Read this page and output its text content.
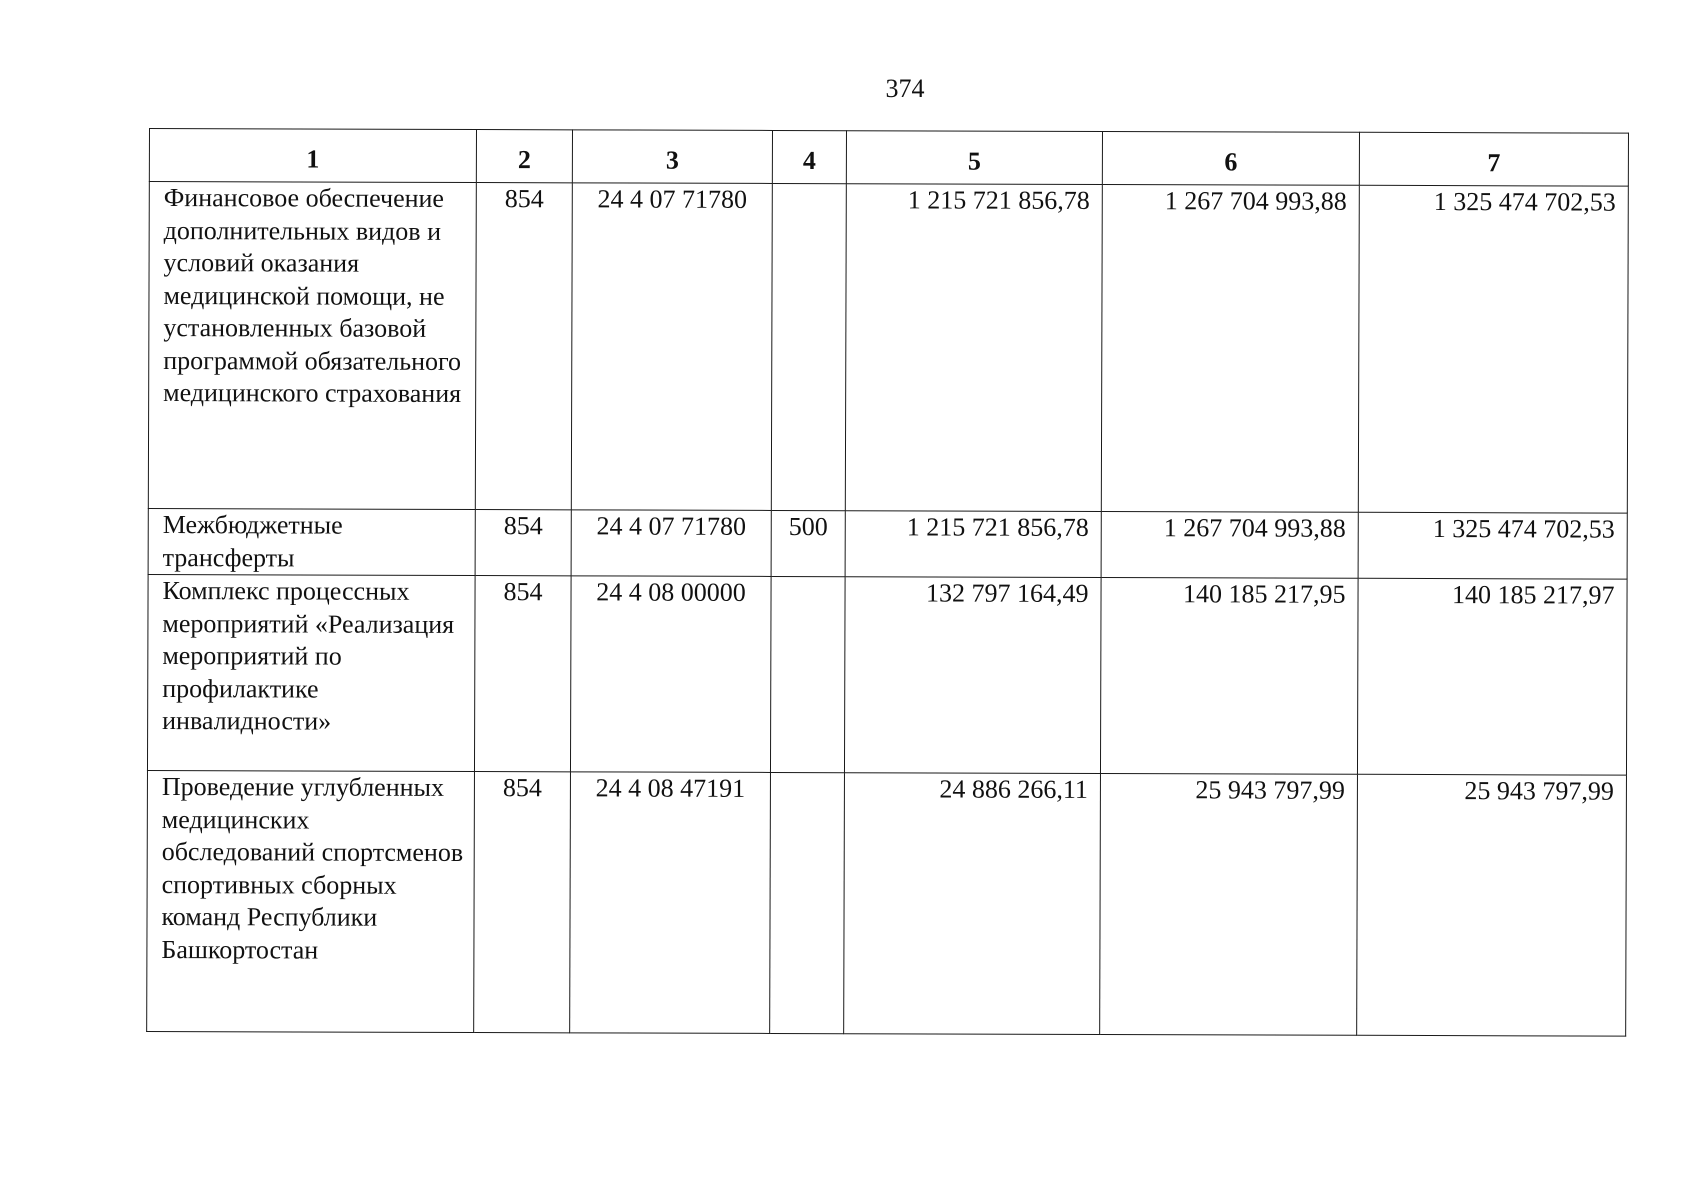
374
1	2	3	4	5	6	7
Финансовое обеспечение дополнительных видов и условий оказания медицинской помощи, не установленных базовой программой обязательного медицинского страхования	854	24 4 07 71780		1 215 721 856,78	1 267 704 993,88	1 325 474 702,53
Межбюджетные трансферты	854	24 4 07 71780	500	1 215 721 856,78	1 267 704 993,88	1 325 474 702,53
Комплекс процессных мероприятий «Реализация мероприятий по профилактике инвалидности»	854	24 4 08 00000		132 797 164,49	140 185 217,95	140 185 217,97
Проведение углубленных медицинских обследований спортсменов спортивных сборных команд Республики Башкортостан	854	24 4 08 47191		24 886 266,11	25 943 797,99	25 943 797,99
